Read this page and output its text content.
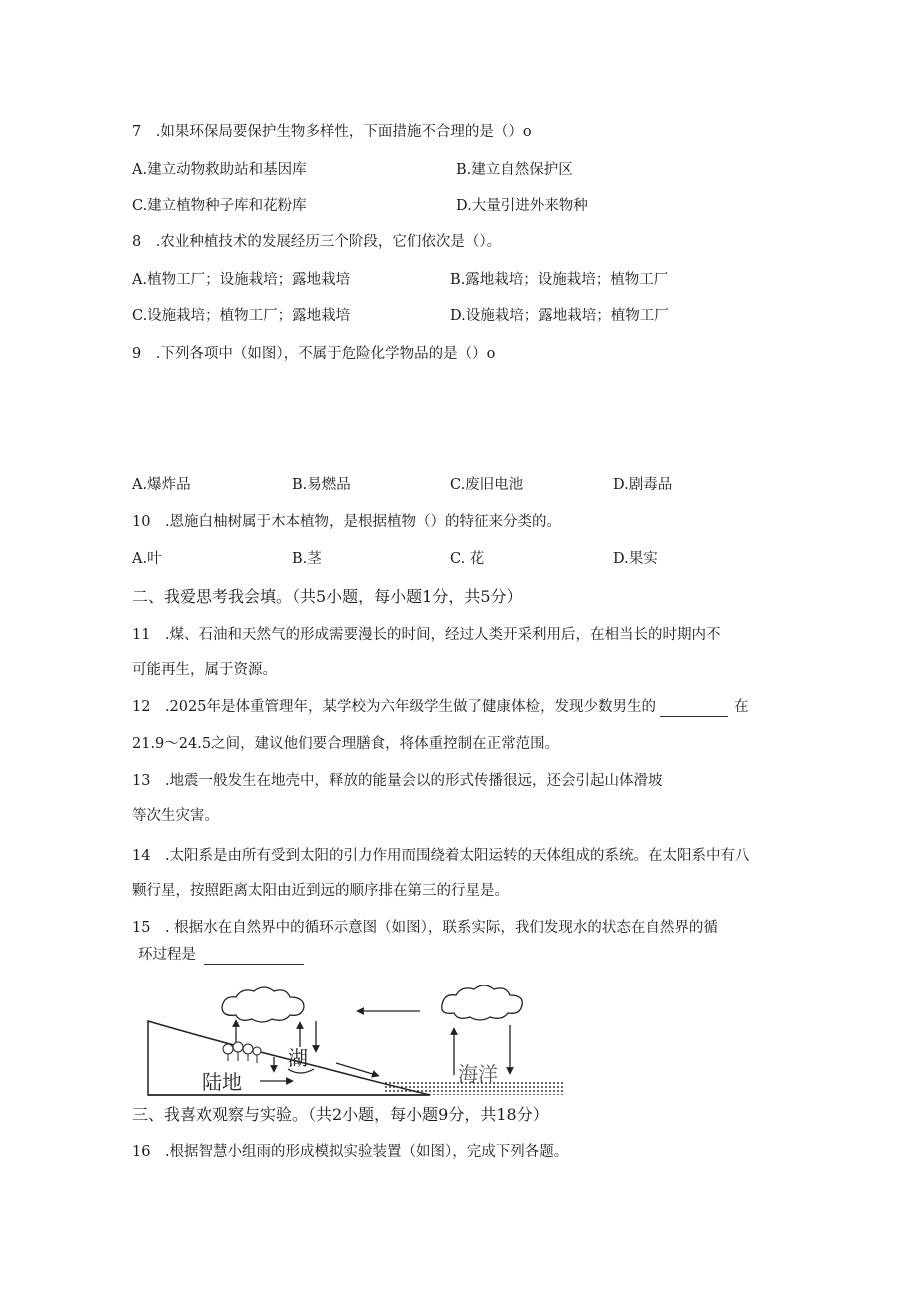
7　.如果环保局要保护生物多样性，下面措施不合理的是（）o
A.建立动物救助站和基因库	B.建立自然保护区
C.建立植物种子库和花粉库	D.大量引进外来物种
8　.农业种植技术的发展经历三个阶段，它们依次是（）。
A.植物工厂；设施栽培；露地栽培	B.露地栽培；设施栽培；植物工厂
C.设施栽培；植物工厂；露地栽培	D.设施栽培；露地栽培；植物工厂
9　.下列各项中（如图），不属于危险化学物品的是（）o
A.爆炸品	B.易燃品	C.废旧电池	D.剧毒品
10　.恩施白柚树属于木本植物，是根据植物（）的特征来分类的。
A.叶	B.茎	C. 花	D.果实
二、我爱思考我会填。（共5小题，每小题1分，共5分）
11　.煤、石油和天然气的形成需要漫长的时间，经过人类开采利用后，在相当长的时期内不
可能再生，属于资源。
12　.2025年是体重管理年，某学校为六年级学生做了健康体检，发现少数男生的	在
21.9～24.5之间，建议他们要合理膳食，将体重控制在正常范围。
13　.地震一般发生在地壳中，释放的能量会以的形式传播很远，还会引起山体滑坡
等次生灾害。
14　.太阳系是由所有受到太阳的引力作用而围绕着太阳运转的天体组成的系统。在太阳系中有八
颗行星，按照距离太阳由近到远的顺序排在第三的行星是。
15　. 根据水在自然界中的循环示意图（如图），联系实际，我们发现水的状态在自然界的循
环过程是
陆地
湖
海洋
三、我喜欢观察与实验。（共2小题，每小题9分，共18分）
16　.根据智慧小组雨的形成模拟实验装置（如图），完成下列各题。
